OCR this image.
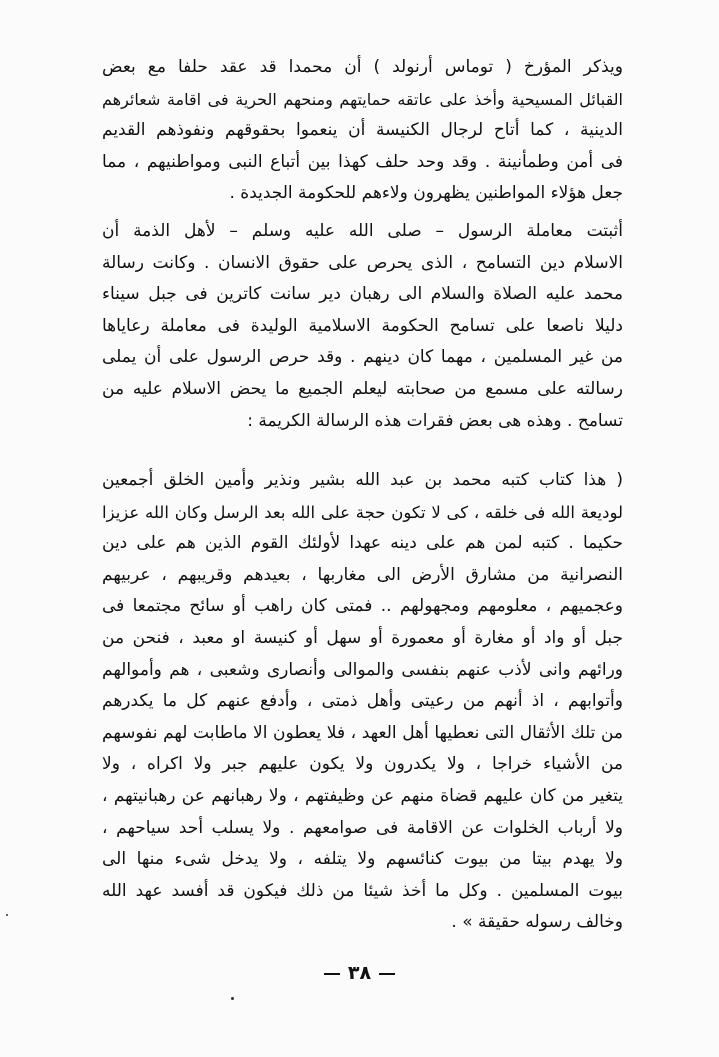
ويذكر المؤرخ ( توماس أرنولد ) أن محمدا قد عقد حلفا مع بعض
القبائل المسيحية وأخذ على عاتقه حمايتهم ومنحهم الحرية فى اقامة شعائرهم
الدينية ، كما أتاح لرجال الكنيسة أن ينعموا بحقوقهم ونفوذهم القديم
فى أمن وطمأنينة . وقد وحد حلف كهذا بين أتباع النبى ومواطنيهم ، مما
جعل هؤلاء المواطنين يظهرون ولاءهم للحكومة الجديدة .
أثبتت معاملة الرسول – صلى الله عليه وسلم – لأهل الذمة أن
الاسلام دين التسامح ، الذى يحرص على حقوق الانسان . وكانت رسالة
محمد عليه الصلاة والسلام الى رهبان دير سانت كاترين فى جبل سيناء
دليلا ناصعا على تسامح الحكومة الاسلامية الوليدة فى معاملة رعاياها
من غير المسلمين ، مهما كان دينهم . وقد حرص الرسول على أن يملى
رسالته على مسمع من صحابته ليعلم الجميع ما يحض الاسلام عليه من
تسامح . وهذه هى بعض فقرات هذه الرسالة الكريمة :
( هذا كتاب كتبه محمد بن عبد الله بشير ونذير وأمين الخلق أجمعين
لوديعة الله فى خلقه ، كى لا تكون حجة على الله بعد الرسل وكان الله عزيزا
حكيما . كتبه لمن هم على دينه عهدا لأولئك القوم الذين هم على دين
النصرانية من مشارق الأرض الى مغاربها ، بعيدهم وقريبهم ، عربيهم
وعجميهم ، معلومهم ومجهولهم .. فمتى كان راهب أو سائح مجتمعا فى
جبل أو واد أو مغارة أو معمورة أو سهل أو كنيسة او معبد ، فنحن من
ورائهم وانى لأذب عنهم بنفسى والموالى وأنصارى وشعبى ، هم وأموالهم
وأتوابهم ، اذ أنهم من رعيتى وأهل ذمتى ، وأدفع عنهم كل ما يكدرهم
من تلك الأثقال التى نعطيها أهل العهد ، فلا يعطون الا ماطابت لهم نفوسهم
من الأشياء خراجا ، ولا يكدرون ولا يكون عليهم جبر ولا اكراه ، ولا
يتغير من كان عليهم قضاة منهم عن وظيفتهم ، ولا رهبانهم عن رهبانيتهم ،
ولا أرباب الخلوات عن الاقامة فى صوامعهم . ولا يسلب أحد سياحهم ،
ولا يهدم بيتا من بيوت كنائسهم ولا يتلفه ، ولا يدخل شىء منها الى
بيوت المسلمين . وكل ما أخذ شيئا من ذلك فيكون قد أفسد عهد الله
وخالف رسوله حقيقة » .
٣٨
